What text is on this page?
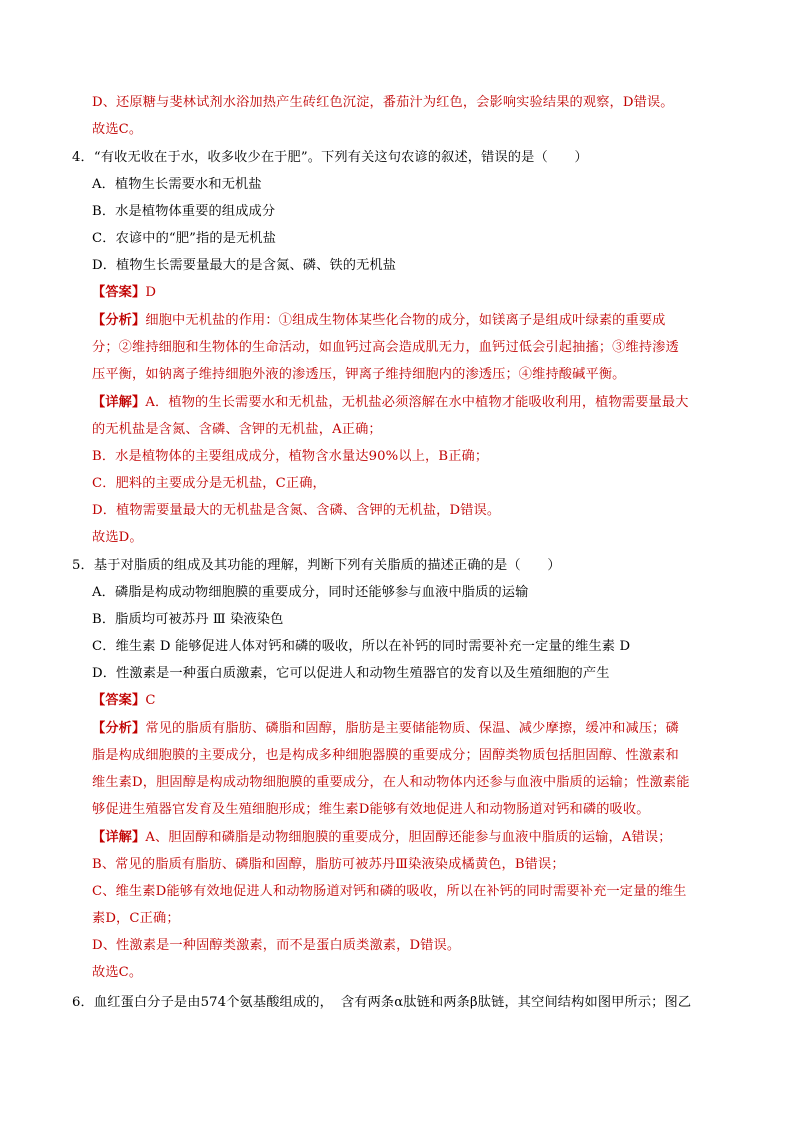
D、还原糖与斐林试剂水浴加热产生砖红色沉淀，番茄汁为红色，会影响实验结果的观察，D错误。
故选C。
4．“有收无收在于水，收多收少在于肥”。下列有关这句农谚的叙述，错误的是（　　）
A．植物生长需要水和无机盐
B．水是植物体重要的组成成分
C．农谚中的“肥”指的是无机盐
D．植物生长需要量最大的是含氮、磷、铁的无机盐
【答案】D
【分析】细胞中无机盐的作用：①组成生物体某些化合物的成分，如镁离子是组成叶绿素的重要成
分；②维持细胞和生物体的生命活动，如血钙过高会造成肌无力，血钙过低会引起抽搐；③维持渗透
压平衡，如钠离子维持细胞外液的渗透压，钾离子维持细胞内的渗透压；④维持酸碱平衡。
【详解】A．植物的生长需要水和无机盐，无机盐必须溶解在水中植物才能吸收利用，植物需要量最大
的无机盐是含氮、含磷、含钾的无机盐，A正确；
B．水是植物体的主要组成成分，植物含水量达90%以上，B正确；
C．肥料的主要成分是无机盐，C正确，
D．植物需要量最大的无机盐是含氮、含磷、含钾的无机盐，D错误。
故选D。
5．基于对脂质的组成及其功能的理解，判断下列有关脂质的描述正确的是（　　）
A．磷脂是构成动物细胞膜的重要成分，同时还能够参与血液中脂质的运输
B．脂质均可被苏丹 Ⅲ 染液染色
C．维生素 D 能够促进人体对钙和磷的吸收，所以在补钙的同时需要补充一定量的维生素 D
D．性激素是一种蛋白质激素，它可以促进人和动物生殖器官的发育以及生殖细胞的产生
【答案】C
【分析】常见的脂质有脂肪、磷脂和固醇，脂肪是主要储能物质、保温、减少摩擦，缓冲和减压；磷
脂是构成细胞膜的主要成分，也是构成多种细胞器膜的重要成分；固醇类物质包括胆固醇、性激素和
维生素D，胆固醇是构成动物细胞膜的重要成分，在人和动物体内还参与血液中脂质的运输；性激素能
够促进生殖器官发育及生殖细胞形成；维生素D能够有效地促进人和动物肠道对钙和磷的吸收。
【详解】A、胆固醇和磷脂是动物细胞膜的重要成分，胆固醇还能参与血液中脂质的运输，A错误；
B、常见的脂质有脂肪、磷脂和固醇，脂肪可被苏丹Ⅲ染液染成橘黄色，B错误；
C、维生素D能够有效地促进人和动物肠道对钙和磷的吸收，所以在补钙的同时需要补充一定量的维生
素D，C正确；
D、性激素是一种固醇类激素，而不是蛋白质类激素，D错误。
故选C。
6．血红蛋白分子是由574个氨基酸组成的， 含有两条α肽链和两条β肽链，其空间结构如图甲所示；图乙
